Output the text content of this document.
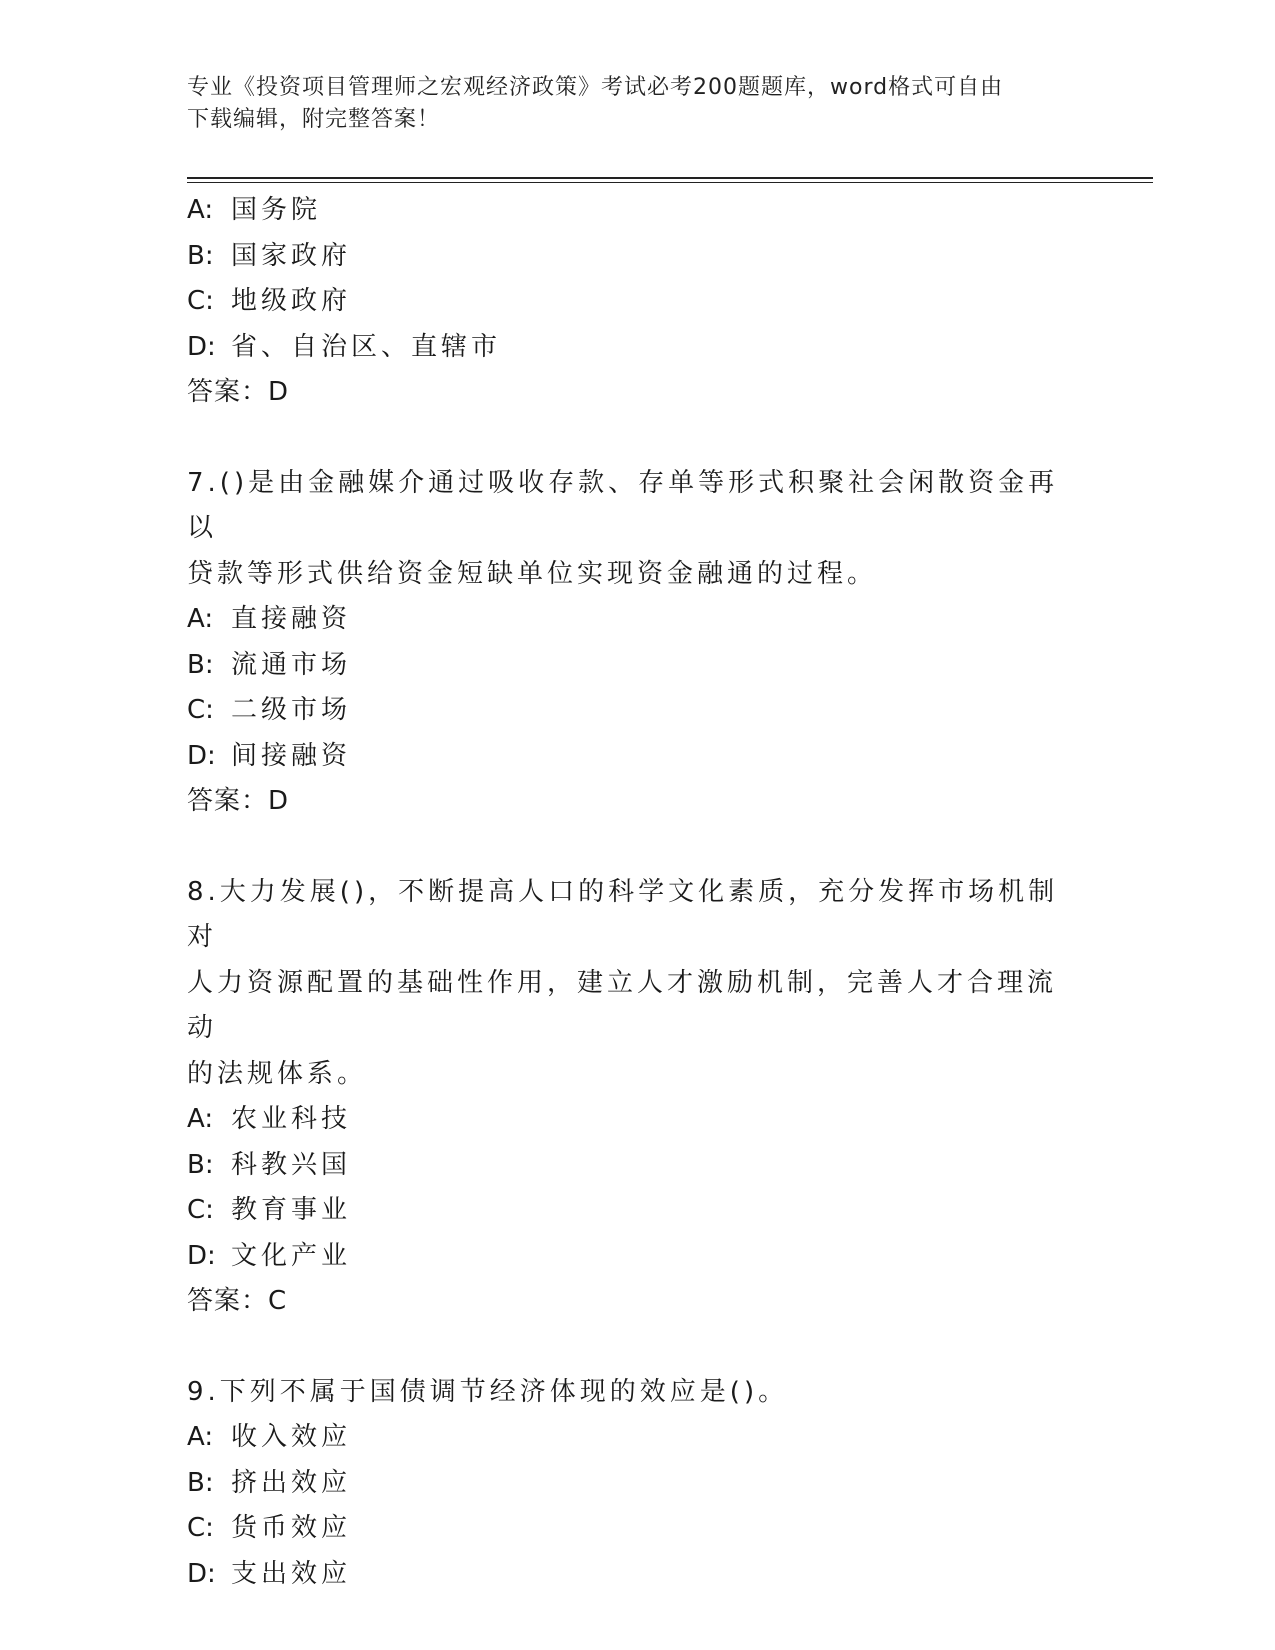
专业《投资项目管理师之宏观经济政策》考试必考200题题库，word格式可自由
下载编辑，附完整答案！

A: 国务院

B: 国家政府

C: 地级政府

D: 省、自治区、直辖市

答案：D

7.()是由金融媒介通过吸收存款、存单等形式积聚社会闲散资金再以

贷款等形式供给资金短缺单位实现资金融通的过程。

A: 直接融资

B: 流通市场

C: 二级市场

D: 间接融资

答案：D

8.大力发展()，不断提高人口的科学文化素质，充分发挥市场机制对

人力资源配置的基础性作用，建立人才激励机制，完善人才合理流动

的法规体系。

A: 农业科技

B: 科教兴国

C: 教育事业

D: 文化产业

答案：C

9.下列不属于国债调节经济体现的效应是()。

A: 收入效应

B: 挤出效应

C: 货币效应

D: 支出效应
